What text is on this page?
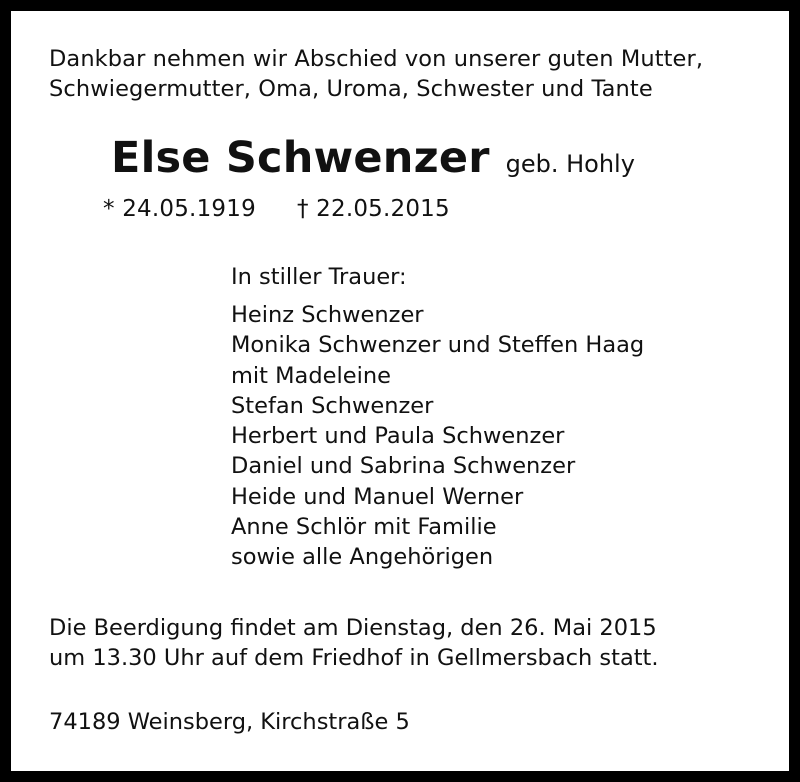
Dankbar nehmen wir Abschied von unserer guten Mutter,
Schwiegermutter, Oma, Uroma, Schwester und Tante
Else Schwenzer geb. Hohly
* 24.05.1919 † 22.05.2015
In stiller Trauer:
Heinz Schwenzer
Monika Schwenzer und Steffen Haag
mit Madeleine
Stefan Schwenzer
Herbert und Paula Schwenzer
Daniel und Sabrina Schwenzer
Heide und Manuel Werner
Anne Schlör mit Familie
sowie alle Angehörigen
Die Beerdigung findet am Dienstag, den 26. Mai 2015
um 13.30 Uhr auf dem Friedhof in Gellmersbach statt.
74189 Weinsberg, Kirchstraße 5
